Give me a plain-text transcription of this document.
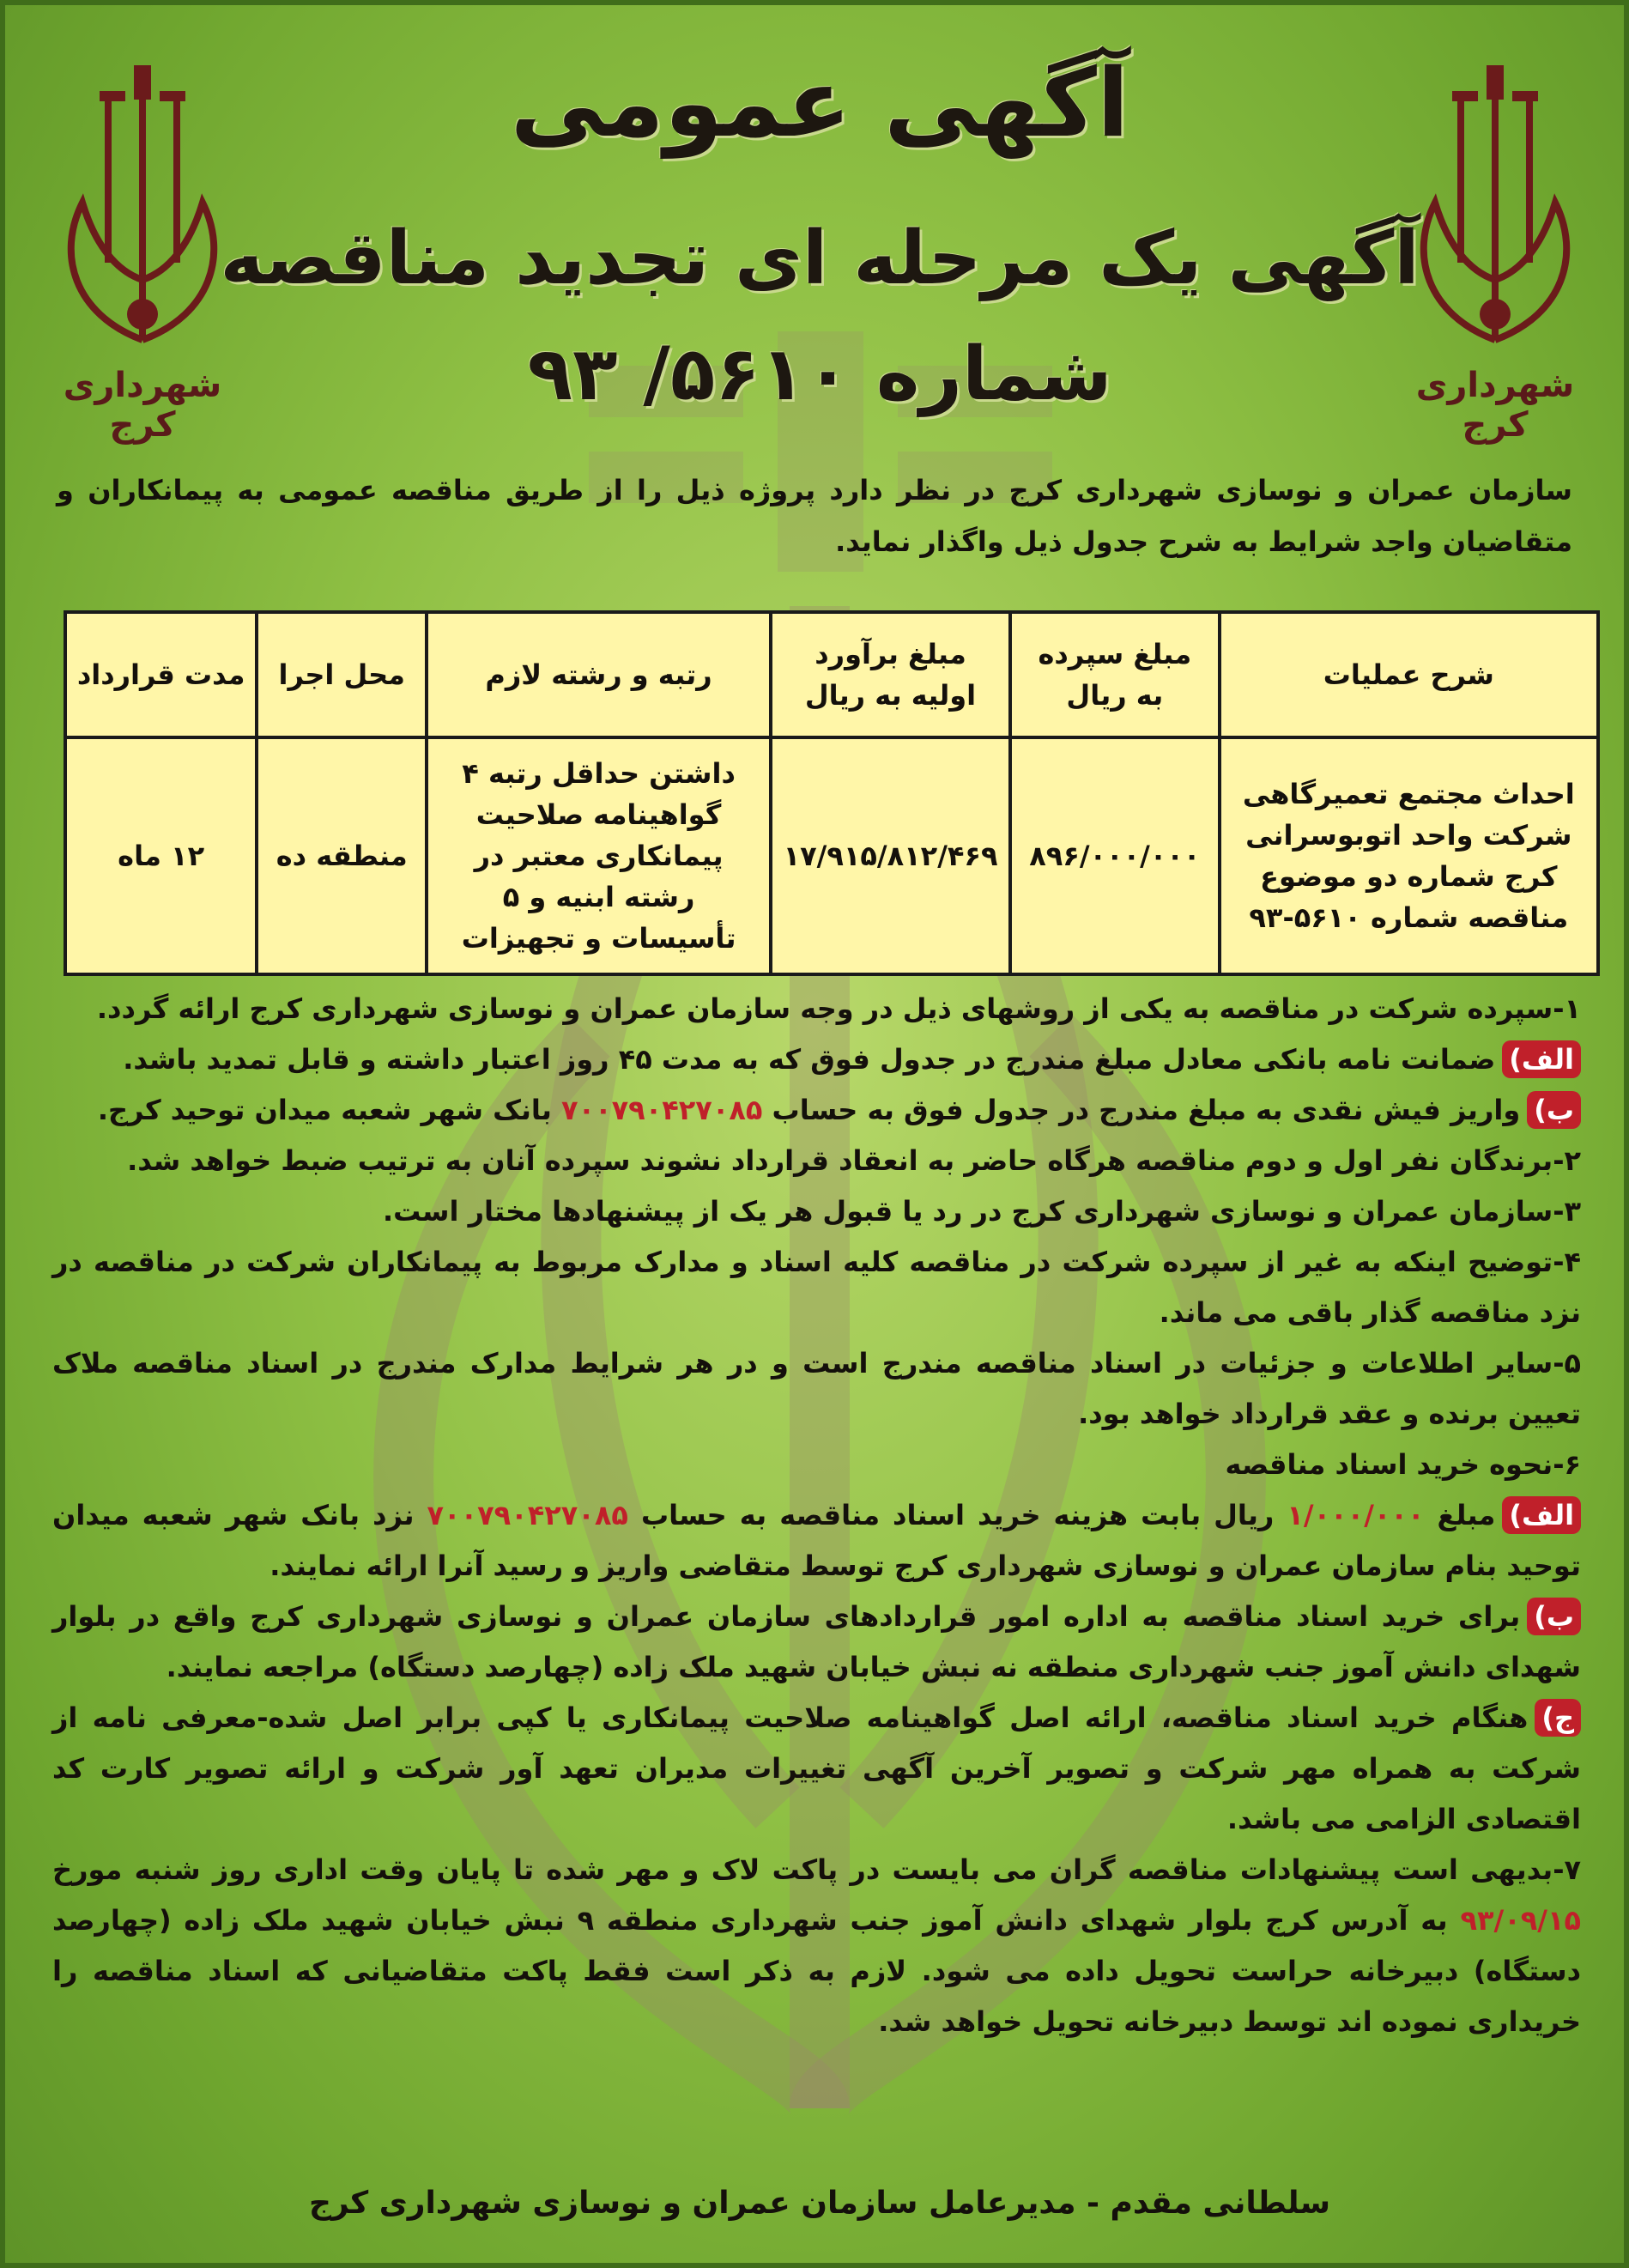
شهرداری کرج
شهرداری کرج
آگهی عمومی
آگهی یک مرحله ای تجدید مناقصه
شماره ۵۶۱۰/ ۹۳
سازمان عمران و نوسازی شهرداری کرج در نظر دارد پروژه ذیل را از طریق مناقصه عمومی به پیمانکاران و متقاضیان واجد شرایط به شرح جدول ذیل واگذار نماید.
شرح عملیات	مبلغ سپرده به ریال	مبلغ برآورد اولیه به ریال	رتبه و رشته لازم	محل اجرا	مدت قرارداد
احداث مجتمع تعمیرگاهی شرکت واحد اتوبوسرانی کرج شماره دو موضوع مناقصه شماره ۵۶۱۰-۹۳	۸۹۶/۰۰۰/۰۰۰	۱۷/۹۱۵/۸۱۲/۴۶۹	داشتن حداقل رتبه ۴ گواهینامه صلاحیت پیمانکاری معتبر در رشته ابنیه و ۵ تأسیسات و تجهیزات	منطقه ده	۱۲ ماه

۱-سپرده شرکت در مناقصه به یکی از روشهای ذیل در وجه سازمان عمران و نوسازی شهرداری کرج ارائه گردد.

الف)ضمانت نامه بانکی معادل مبلغ مندرج در جدول فوق که به مدت ۴۵ روز اعتبار داشته و قابل تمدید باشد.

ب)واریز فیش نقدی به مبلغ مندرج در جدول فوق به حساب ۷۰۰۷۹۰۴۲۷۰۸۵ بانک شهر شعبه میدان توحید کرج.

۲-برندگان نفر اول و دوم مناقصه هرگاه حاضر به انعقاد قرارداد نشوند سپرده آنان به ترتیب ضبط خواهد شد.

۳-سازمان عمران و نوسازی شهرداری کرج در رد یا قبول هر یک از پیشنهادها مختار است.

۴-توضیح اینکه به غیر از سپرده شرکت در مناقصه کلیه اسناد و مدارک مربوط به پیمانکاران شرکت در مناقصه در نزد مناقصه گذار باقی می ماند.

۵-سایر اطلاعات و جزئیات در اسناد مناقصه مندرج است و در هر شرایط مدارک مندرج در اسناد مناقصه ملاک تعیین برنده و عقد قرارداد خواهد بود.

۶-نحوه خرید اسناد مناقصه

الف)مبلغ ۱/۰۰۰/۰۰۰ ریال بابت هزینه خرید اسناد مناقصه به حساب ۷۰۰۷۹۰۴۲۷۰۸۵ نزد بانک شهر شعبه میدان توحید بنام سازمان عمران و نوسازی شهرداری کرج توسط متقاضی واریز و رسید آنرا ارائه نمایند.

ب)برای خرید اسناد مناقصه به اداره امور قراردادهای سازمان عمران و نوسازی شهرداری کرج واقع در بلوار شهدای دانش آموز جنب شهرداری منطقه نه نبش خیابان شهید ملک زاده (چهارصد دستگاه) مراجعه نمایند.

ج)هنگام خرید اسناد مناقصه، ارائه اصل گواهینامه صلاحیت پیمانکاری یا کپی برابر اصل شده-معرفی نامه از شرکت به همراه مهر شرکت و تصویر آخرین آگهی تغییرات مدیران تعهد آور شرکت و ارائه تصویر کارت کد اقتصادی الزامی می باشد.

۷-بدیهی است پیشنهادات مناقصه گران می بایست در پاکت لاک و مهر شده تا پایان وقت اداری روز شنبه مورخ ۹۳/۰۹/۱۵ به آدرس کرج بلوار شهدای دانش آموز جنب شهرداری منطقه ۹ نبش خیابان شهید ملک زاده (چهارصد دستگاه) دبیرخانه حراست تحویل داده می شود. لازم به ذکر است فقط پاکت متقاضیانی که اسناد مناقصه را خریداری نموده اند توسط دبیرخانه تحویل خواهد شد.

سلطانی مقدم - مدیرعامل سازمان عمران و نوسازی شهرداری کرج
